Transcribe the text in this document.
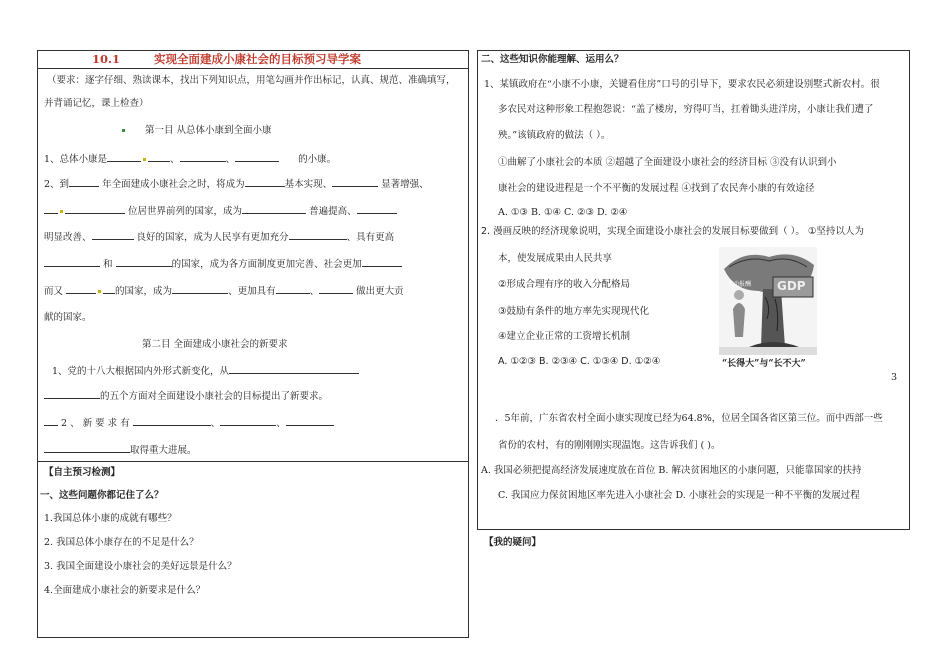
10.1	实现全面建成小康社会的目标预习导学案
（要求：逐字仔细、熟读课本，找出下列知识点，用笔勾画并作出标记，认真、规范、准确填写，
并背诵记忆，课上检查）
第一目 从总体小康到全面小康
1、总体小康是	、	、	的小康。
2、到	年全面建成小康社会之时，将成为	基本实现、	显著增强、
位居世界前列的国家，成为	普遍提高、
明显改善、	良好的国家，成为人民享有更加充分	、具有更高
和	的国家，成为各方面制度更加完善、社会更加
而又	的国家，成为	、更加具有	、	做出更大贡
献的国家。
第二目 全面建成小康社会的新要求
1、党的十八大根据国内外形式新变化，从
的五个方面对全面建设小康社会的目标提出了新要求。
2 、 新 要 求 有	、	、
取得重大进展。
【自主预习检测】
一、这些问题你都记住了么？
1.我国总体小康的成就有哪些？
2. 我国总体小康存在的不足是什么？
3. 我国全面建设小康社会的美好远景是什么？
4.全面建成小康社会的新要求是什么？
二、这些知识你能理解、运用么？
1、某镇政府在“小康不小康，关键看住房”口号的引导下，要求农民必须建设别墅式新农村。很
多农民对这种形象工程抱怨说：“盖了楼房，穷得叮当，扛着锄头进洋房，小康让我们遭了
殃。”该镇政府的做法（ ）。
①曲解了小康社会的本质 ②超越了全面建设小康社会的经济目标 ③没有认识到小
康社会的建设进程是一个不平衡的发展过程 ④找到了农民奔小康的有效途径
A. ①③ B. ①④ C. ②③ D. ②④
2. 漫画反映的经济现象说明，实现全面建设小康社会的发展目标要做到（ ）。 ①坚持以人为
本，使发展成果由人民共享
②形成合理有序的收入分配格局
③鼓励有条件的地方率先实现现代化
④建立企业正常的工资增长机制
A. ①②③ B. ②③④ C. ①③④ D. ①②④
劳动报酬 GDP
“长得大”与“长不大”
3
．5年前，广东省农村全面小康实现度已经为64.8%，位居全国各省区第三位。而中西部一些
省份的农村，有的刚刚刚实现温饱。这告诉我们 ( )。
A. 我国必须把提高经济发展速度放在首位 B. 解决贫困地区的小康问题，只能靠国家的扶持
C. 我国应力保贫困地区率先进入小康社会 D. 小康社会的实现是一种不平衡的发展过程
【我的疑问】
